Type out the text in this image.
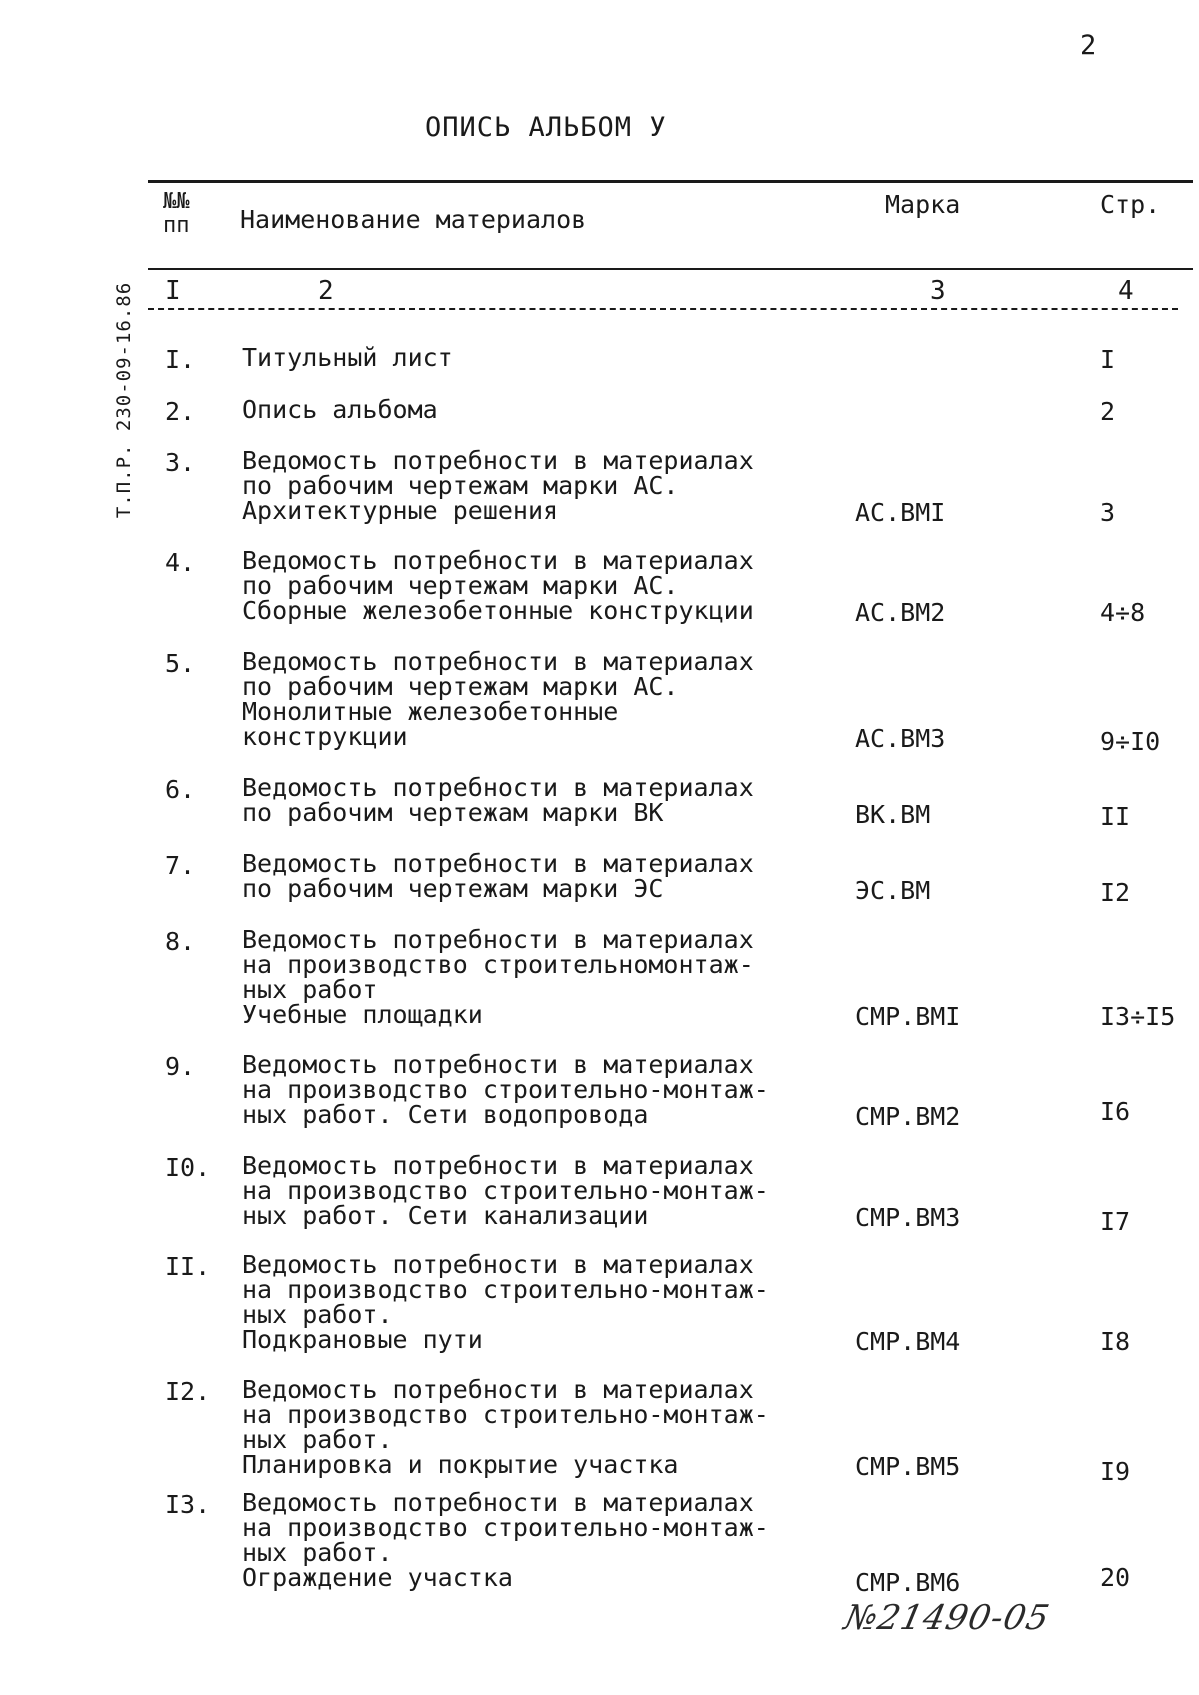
2
ОПИСЬ АЛЬБОМ У
Т.П.Р. 230-09-16.86
№№
пп Наименование материалов
Марка	Стр.
I	2	3	4
I. Титульный лист	I
2. Опись альбома	2
3. Ведомость потребности в материалах
по рабочим чертежам марки АС.
Архитектурные решения	АС.ВМI	3
4. Ведомость потребности в материалах
по рабочим чертежам марки АС.
Сборные железобетонные конструкции	АС.ВМ2	4÷8
5. Ведомость потребности в материалах
по рабочим чертежам марки АС.
Монолитные железобетонные
конструкции	АС.ВМ3	9÷I0
6. Ведомость потребности в материалах
по рабочим чертежам марки ВК	ВК.ВМ	II
7. Ведомость потребности в материалах
по рабочим чертежам марки ЭС	ЭС.ВМ	I2
8. Ведомость потребности в материалах
на производство строительномонтаж-
ных работ
Учебные площадки	СМР.ВМI	I3÷I5
9. Ведомость потребности в материалах
на производство строительно-монтаж-
ных работ. Сети водопровода	СМР.ВМ2	I6
I0. Ведомость потребности в материалах
на производство строительно-монтаж-
ных работ. Сети канализации	СМР.ВМ3	I7
II. Ведомость потребности в материалах
на производство строительно-монтаж-
ных работ.
Подкрановые пути	СМР.ВМ4	I8
I2. Ведомость потребности в материалах
на производство строительно-монтаж-
ных работ.
Планировка и покрытие участка	СМР.ВМ5	I9
I3. Ведомость потребности в материалах
на производство строительно-монтаж-
ных работ.
Ограждение участка	СМР.ВМ6	20
№21490-05
